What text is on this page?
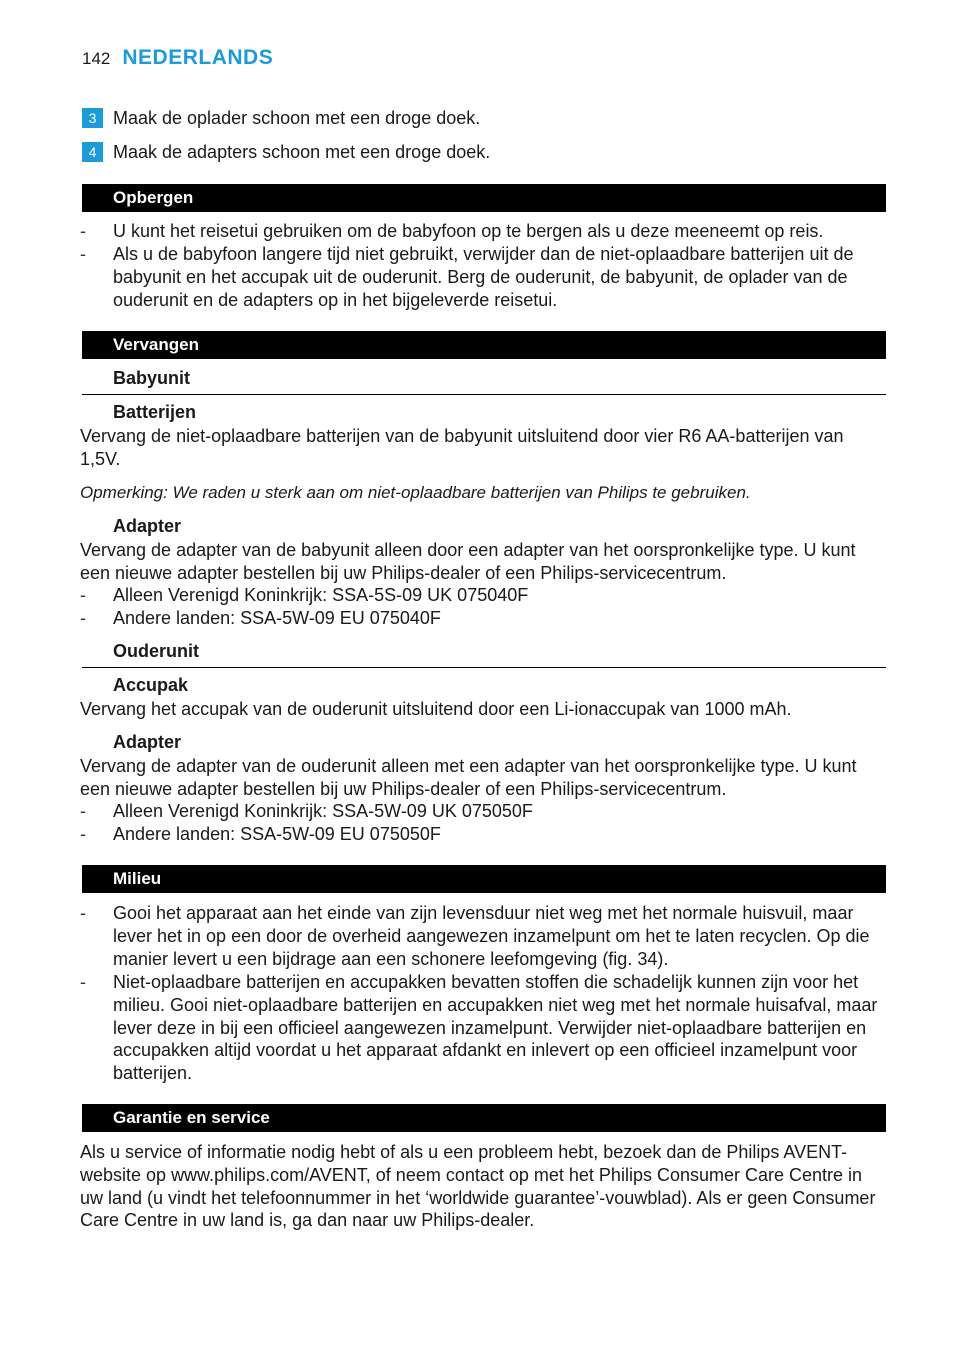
142 NEDERLANDS
3 Maak de oplader schoon met een droge doek.
4 Maak de adapters schoon met een droge doek.
Opbergen
-	U kunt het reisetui gebruiken om de babyfoon op te bergen als u deze meeneemt op reis.
-	Als u de babyfoon langere tijd niet gebruikt, verwijder dan de niet-oplaadbare batterijen uit de babyunit en het accupak uit de ouderunit. Berg de ouderunit, de babyunit, de oplader van de ouderunit en de adapters op in het bijgeleverde reisetui.
Vervangen
Babyunit
Batterijen
Vervang de niet-oplaadbare batterijen van de babyunit uitsluitend door vier R6 AA-batterijen van 1,5V.
Opmerking: We raden u sterk aan om niet-oplaadbare batterijen van Philips te gebruiken.
Adapter
Vervang de adapter van de babyunit alleen door een adapter van het oorspronkelijke type. U kunt een nieuwe adapter bestellen bij uw Philips-dealer of een Philips-servicecentrum.
-	Alleen Verenigd Koninkrijk: SSA-5S-09 UK 075040F
-	Andere landen: SSA-5W-09 EU 075040F
Ouderunit
Accupak
Vervang het accupak van de ouderunit uitsluitend door een Li-ionaccupak van 1000 mAh.
Adapter
Vervang de adapter van de ouderunit alleen met een adapter van het oorspronkelijke type. U kunt een nieuwe adapter bestellen bij uw Philips-dealer of een Philips-servicecentrum.
-	Alleen Verenigd Koninkrijk: SSA-5W-09 UK 075050F
-	Andere landen: SSA-5W-09 EU 075050F
Milieu
-	Gooi het apparaat aan het einde van zijn levensduur niet weg met het normale huisvuil, maar lever het in op een door de overheid aangewezen inzamelpunt om het te laten recyclen. Op die manier levert u een bijdrage aan een schonere leefomgeving (fig. 34).
-	Niet-oplaadbare batterijen en accupakken bevatten stoffen die schadelijk kunnen zijn voor het milieu. Gooi niet-oplaadbare batterijen en accupakken niet weg met het normale huisafval, maar lever deze in bij een officieel aangewezen inzamelpunt. Verwijder niet-oplaadbare batterijen en accupakken altijd voordat u het apparaat afdankt en inlevert op een officieel inzamelpunt voor batterijen.
Garantie en service
Als u service of informatie nodig hebt of als u een probleem hebt, bezoek dan de Philips AVENT-website op www.philips.com/AVENT, of neem contact op met het Philips Consumer Care Centre in uw land (u vindt het telefoonnummer in het ‘worldwide guarantee’-vouwblad). Als er geen Consumer Care Centre in uw land is, ga dan naar uw Philips-dealer.
